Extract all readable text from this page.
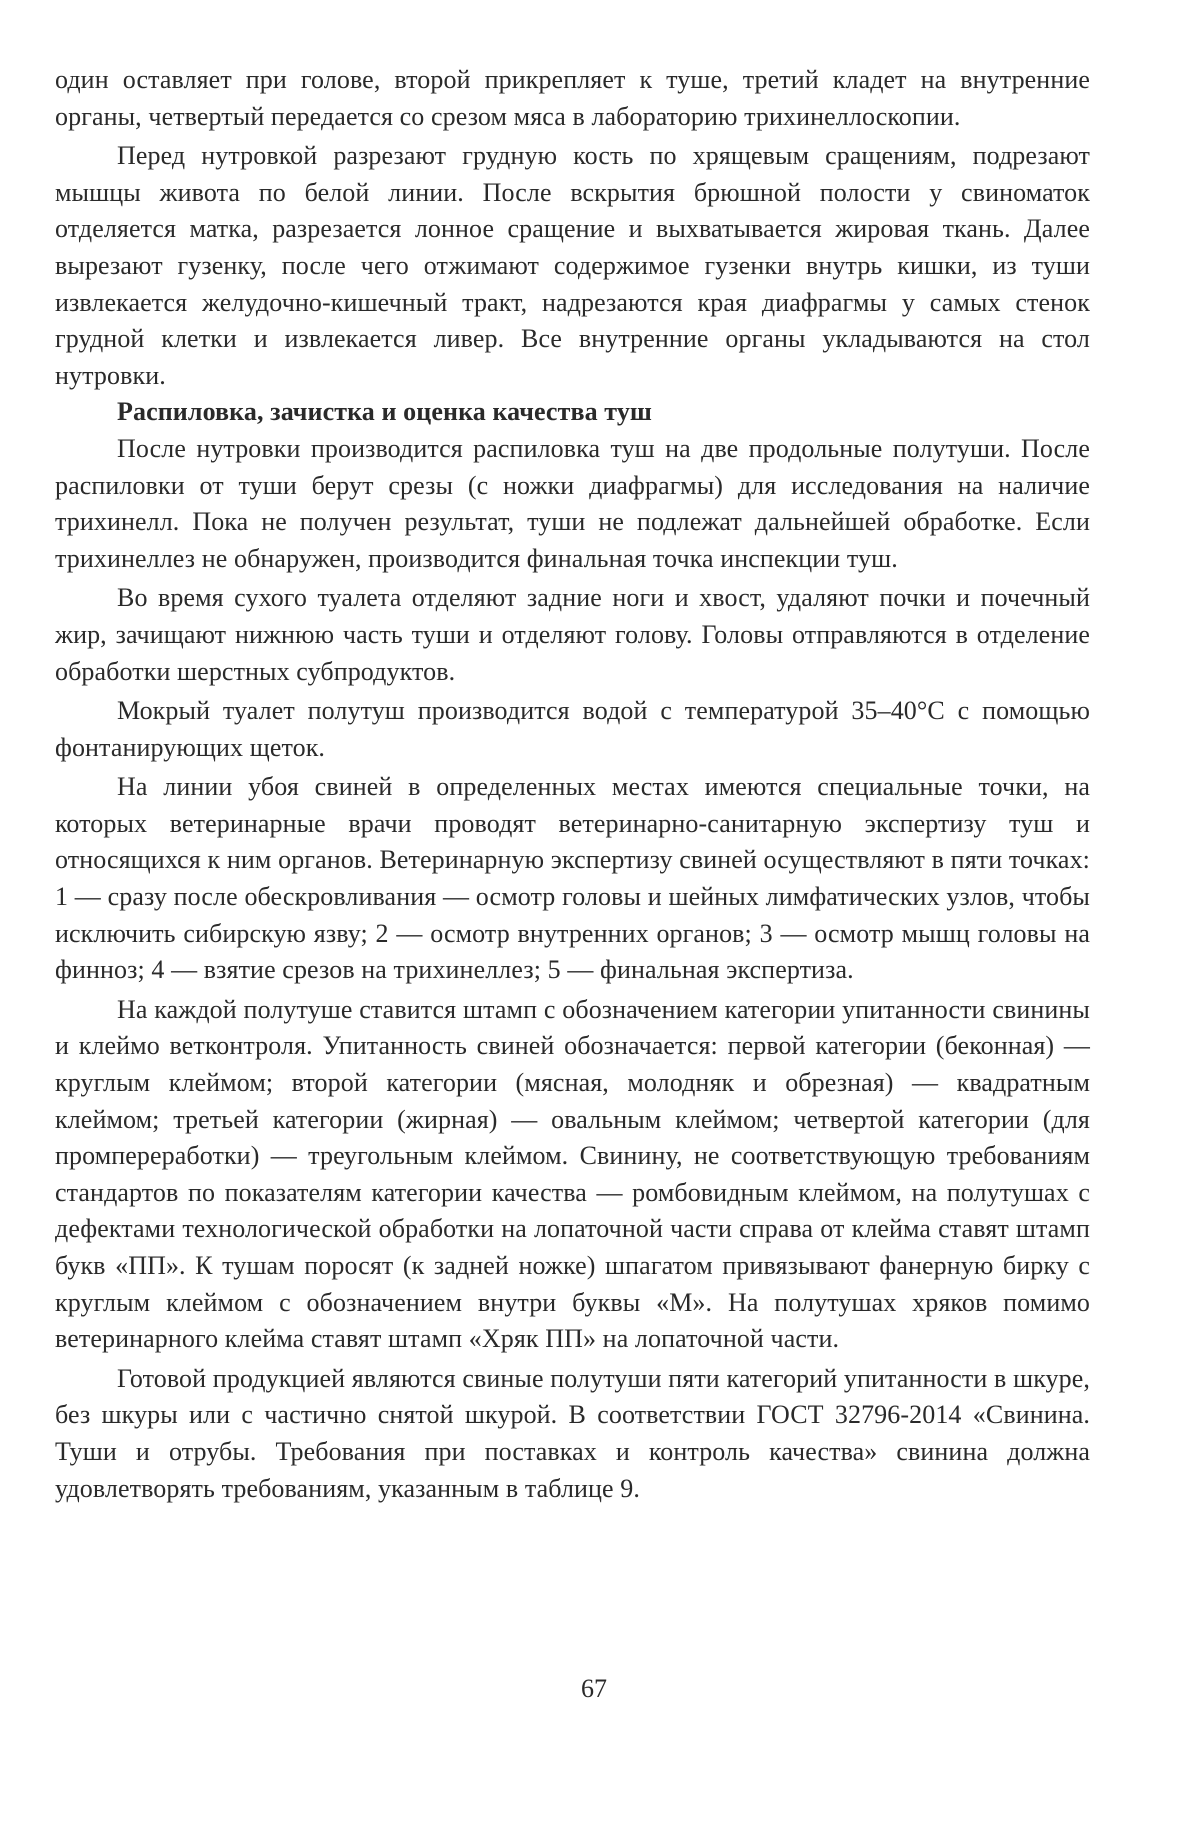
один оставляет при голове, второй прикрепляет к туше, третий кладет на внутренние органы, четвертый передается со срезом мяса в лабораторию трихинеллоскопии.

Перед нутровкой разрезают грудную кость по хрящевым сращениям, подрезают мышцы живота по белой линии. После вскрытия брюшной полости у свиноматок отделяется матка, разрезается лонное сращение и выхватывается жировая ткань. Далее вырезают гузенку, после чего отжимают содержимое гузенки внутрь кишки, из туши извлекается желудочно-кишечный тракт, надрезаются края диафрагмы у самых стенок грудной клетки и извлекается ливер. Все внутренние органы укладываются на стол нутровки.

Распиловка, зачистка и оценка качества туш

После нутровки производится распиловка туш на две продольные полутуши. После распиловки от туши берут срезы (с ножки диафрагмы) для исследования на наличие трихинелл. Пока не получен результат, туши не подлежат дальнейшей обработке. Если трихинеллез не обнаружен, производится финальная точка инспекции туш.

Во время сухого туалета отделяют задние ноги и хвост, удаляют почки и почечный жир, зачищают нижнюю часть туши и отделяют голову. Головы отправляются в отделение обработки шерстных субпродуктов.

Мокрый туалет полутуш производится водой с температурой 35–40°С с помощью фонтанирующих щеток.

На линии убоя свиней в определенных местах имеются специальные точки, на которых ветеринарные врачи проводят ветеринарно-санитарную экспертизу туш и относящихся к ним органов. Ветеринарную экспертизу свиней осуществляют в пяти точках: 1 — сразу после обескровливания — осмотр головы и шейных лимфатических узлов, чтобы исключить сибирскую язву; 2 — осмотр внутренних органов; 3 — осмотр мышц головы на финноз; 4 — взятие срезов на трихинеллез; 5 — финальная экспертиза.

На каждой полутуше ставится штамп с обозначением категории упитанности свинины и клеймо ветконтроля. Упитанность свиней обозначается: первой категории (беконная) — круглым клеймом; второй категории (мясная, молодняк и обрезная) — квадратным клеймом; третьей категории (жирная) — овальным клеймом; четвертой категории (для промпереработки) — треугольным клеймом. Свинину, не соответствующую требованиям стандартов по показателям категории качества — ромбовидным клеймом, на полутушах с дефектами технологической обработки на лопаточной части справа от клейма ставят штамп букв «ПП». К тушам поросят (к задней ножке) шпагатом привязывают фанерную бирку с круглым клеймом с обозначением внутри буквы «М». На полутушах хряков помимо ветеринарного клейма ставят штамп «Хряк ПП» на лопаточной части.

Готовой продукцией являются свиные полутуши пяти категорий упитанности в шкуре, без шкуры или с частично снятой шкурой. В соответствии ГОСТ 32796-2014 «Свинина. Туши и отрубы. Требования при поставках и контроль качества» свинина должна удовлетворять требованиям, указанным в таблице 9.

67
